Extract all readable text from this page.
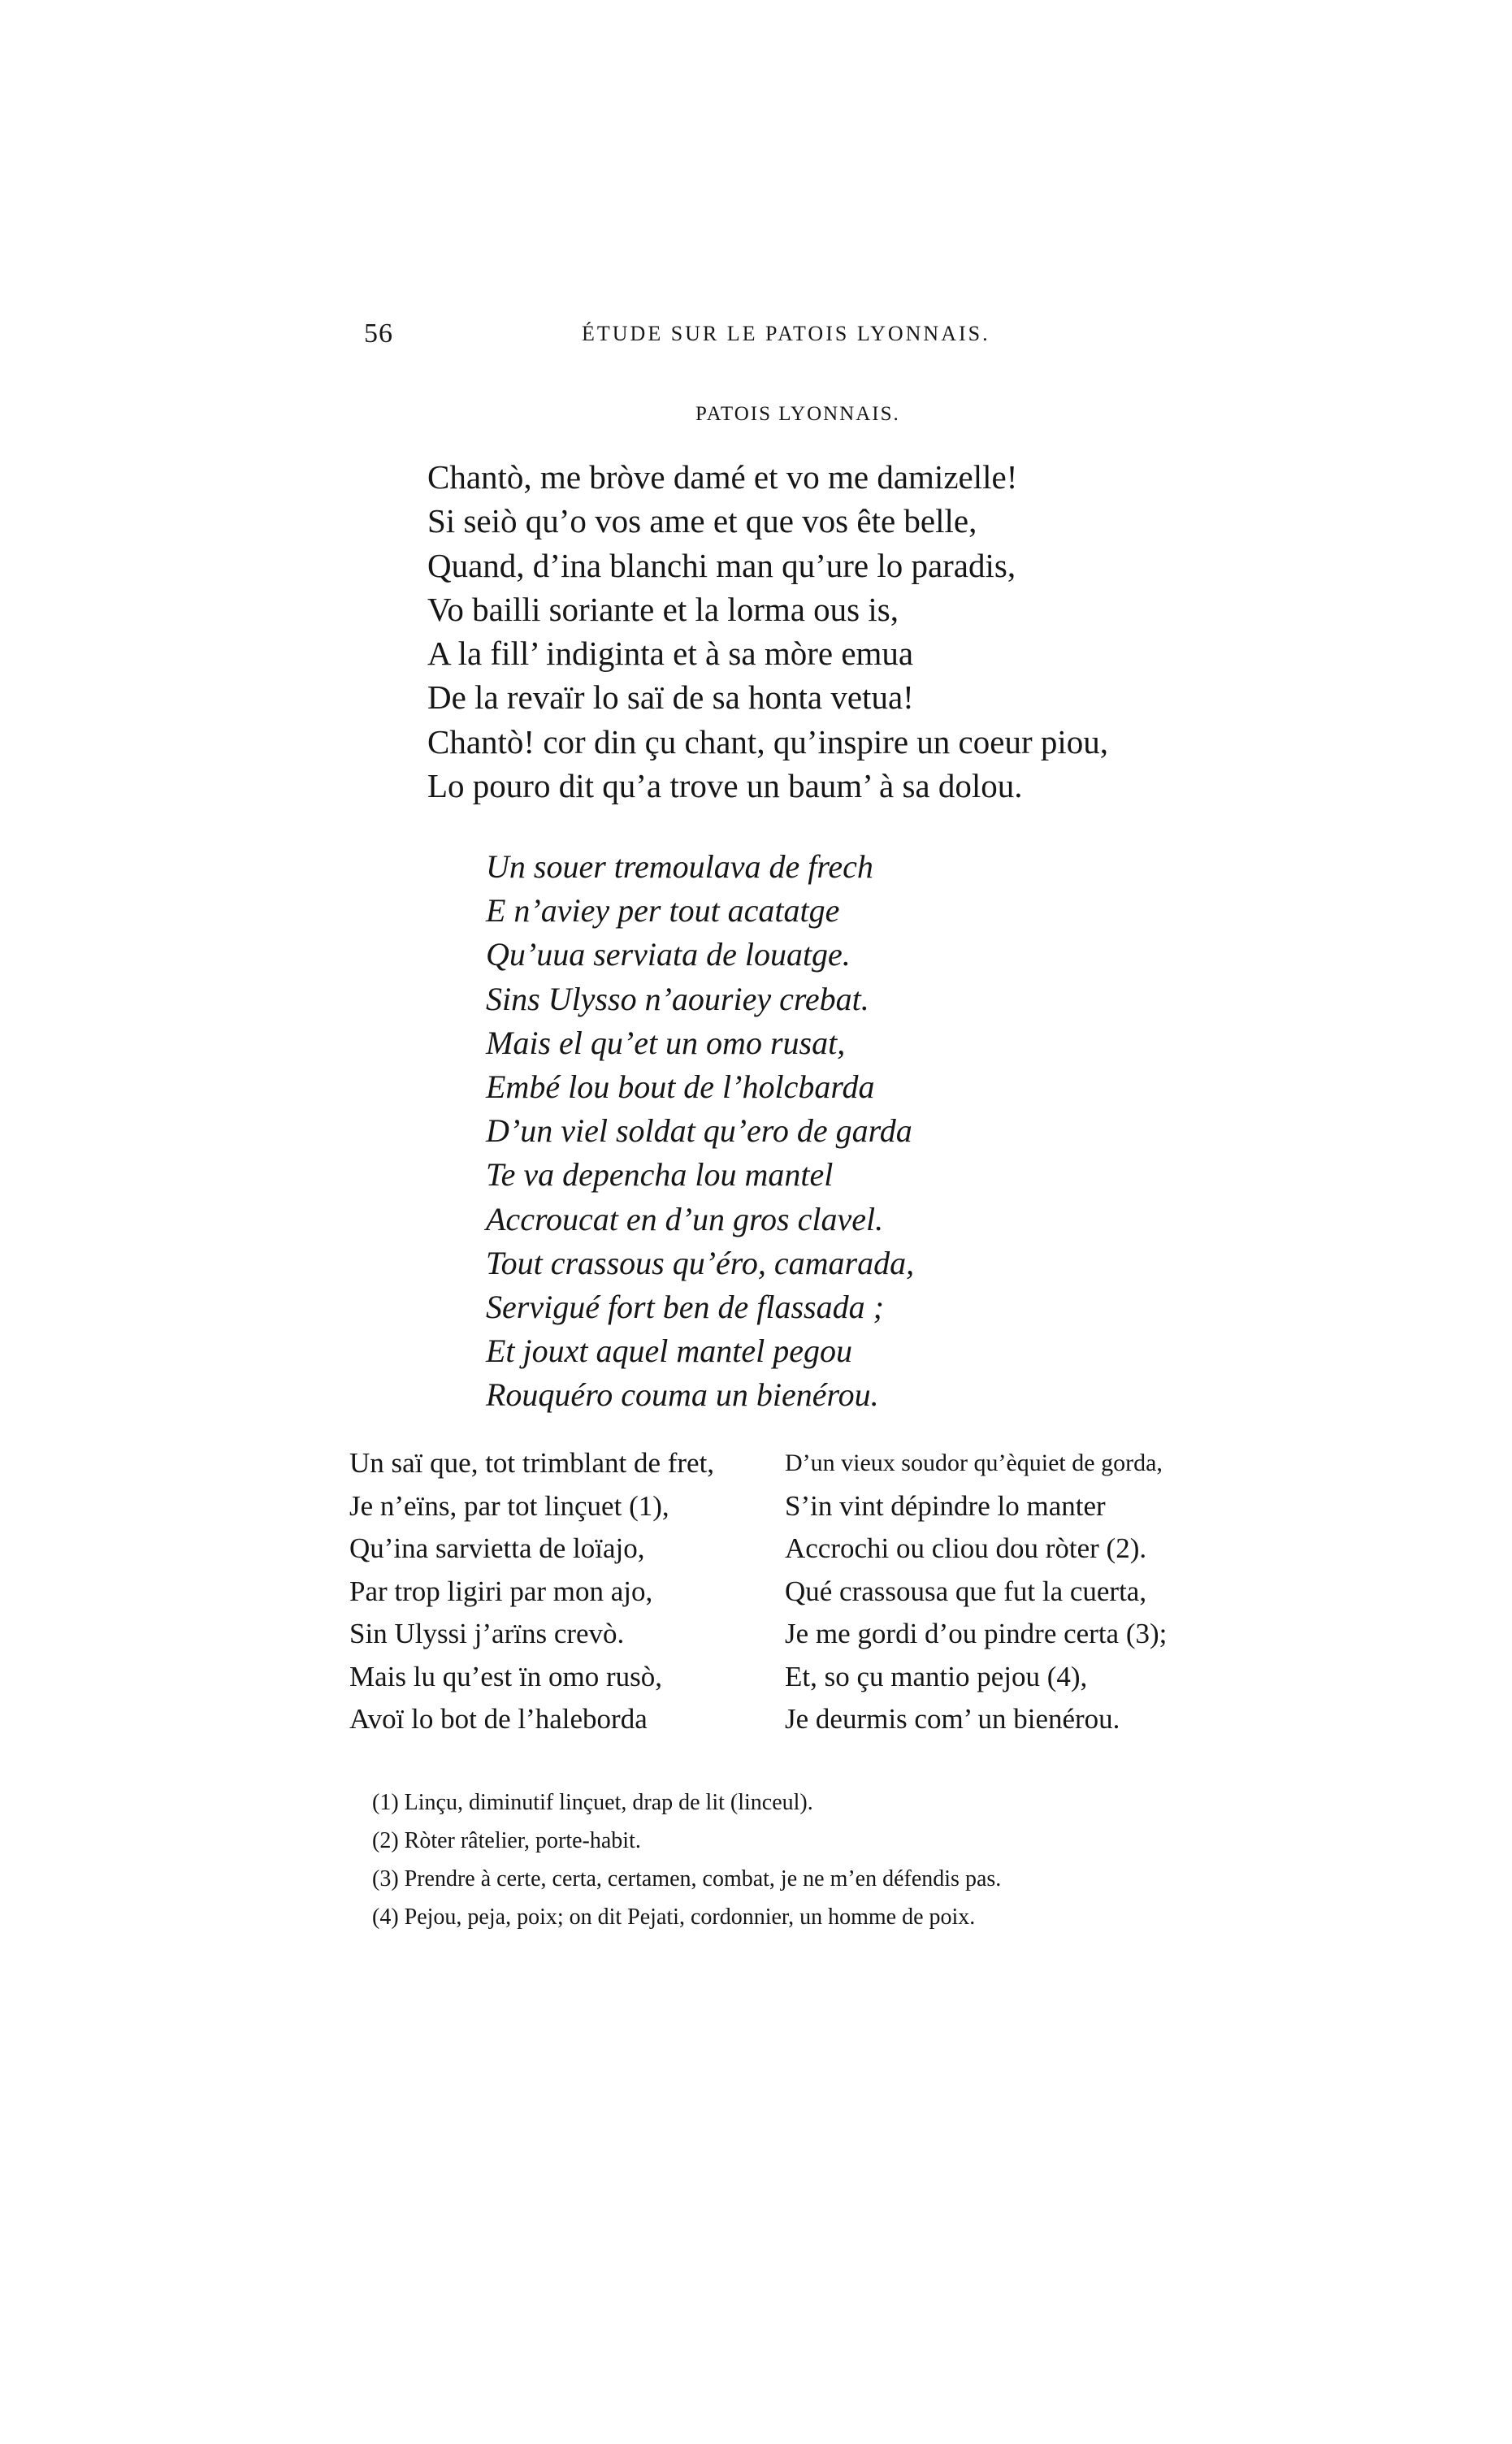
56	ÉTUDE SUR LE PATOIS LYONNAIS.
PATOIS LYONNAIS.
Chantò, me bròve damé et vo me damizelle!
Si seiò qu’o vos ame et que vos ête belle,
Quand, d’ina blanchi man qu’ure lo paradis,
Vo bailli soriante et la lorma ous is,
A la fill’ indiginta et à sa mòre emua
De la revaïr lo saï de sa honta vetua!
Chantò! cor din çu chant, qu’inspire un coeur piou,
Lo pouro dit qu’a trove un baum’ à sa dolou.
Un souer tremoulava de frech
E n’aviey per tout acatatge
Qu’uua serviata de louatge.
Sins Ulysso n’aouriey crebat.
Mais el qu’et un omo rusat,
Embé lou bout de l’holcbarda
D’un viel soldat qu’ero de garda
Te va depencha lou mantel
Accroucat en d’un gros clavel.
Tout crassous qu’éro, camarada,
Servigué fort ben de flassada ;
Et jouxt aquel mantel pegou
Rouquéro couma un bienérou.
Un saï que, tot trimblant de fret,
Je n’eïns, par tot linçuet (1),
Qu’ina sarvietta de loïajo,
Par trop ligiri par mon ajo,
Sin Ulyssi j’arïns crevò.
Mais lu qu’est ïn omo rusò,
Avoï lo bot de l’haleborda
D’un vieux soudor qu’èquiet de gorda,
S’in vint dépindre lo manter
Accrochi ou cliou dou ròter (2).
Qué crassousa que fut la cuerta,
Je me gordi d’ou pindre certa (3);
Et, so çu mantio pejou (4),
Je deurmis com’ un bienérou.
(1) Linçu, diminutif linçuet, drap de lit (linceul).
(2) Ròter râtelier, porte-habit.
(3) Prendre à certe, certa, certamen, combat, je ne m’en défendis pas.
(4) Pejou, peja, poix; on dit Pejati, cordonnier, un homme de poix.
